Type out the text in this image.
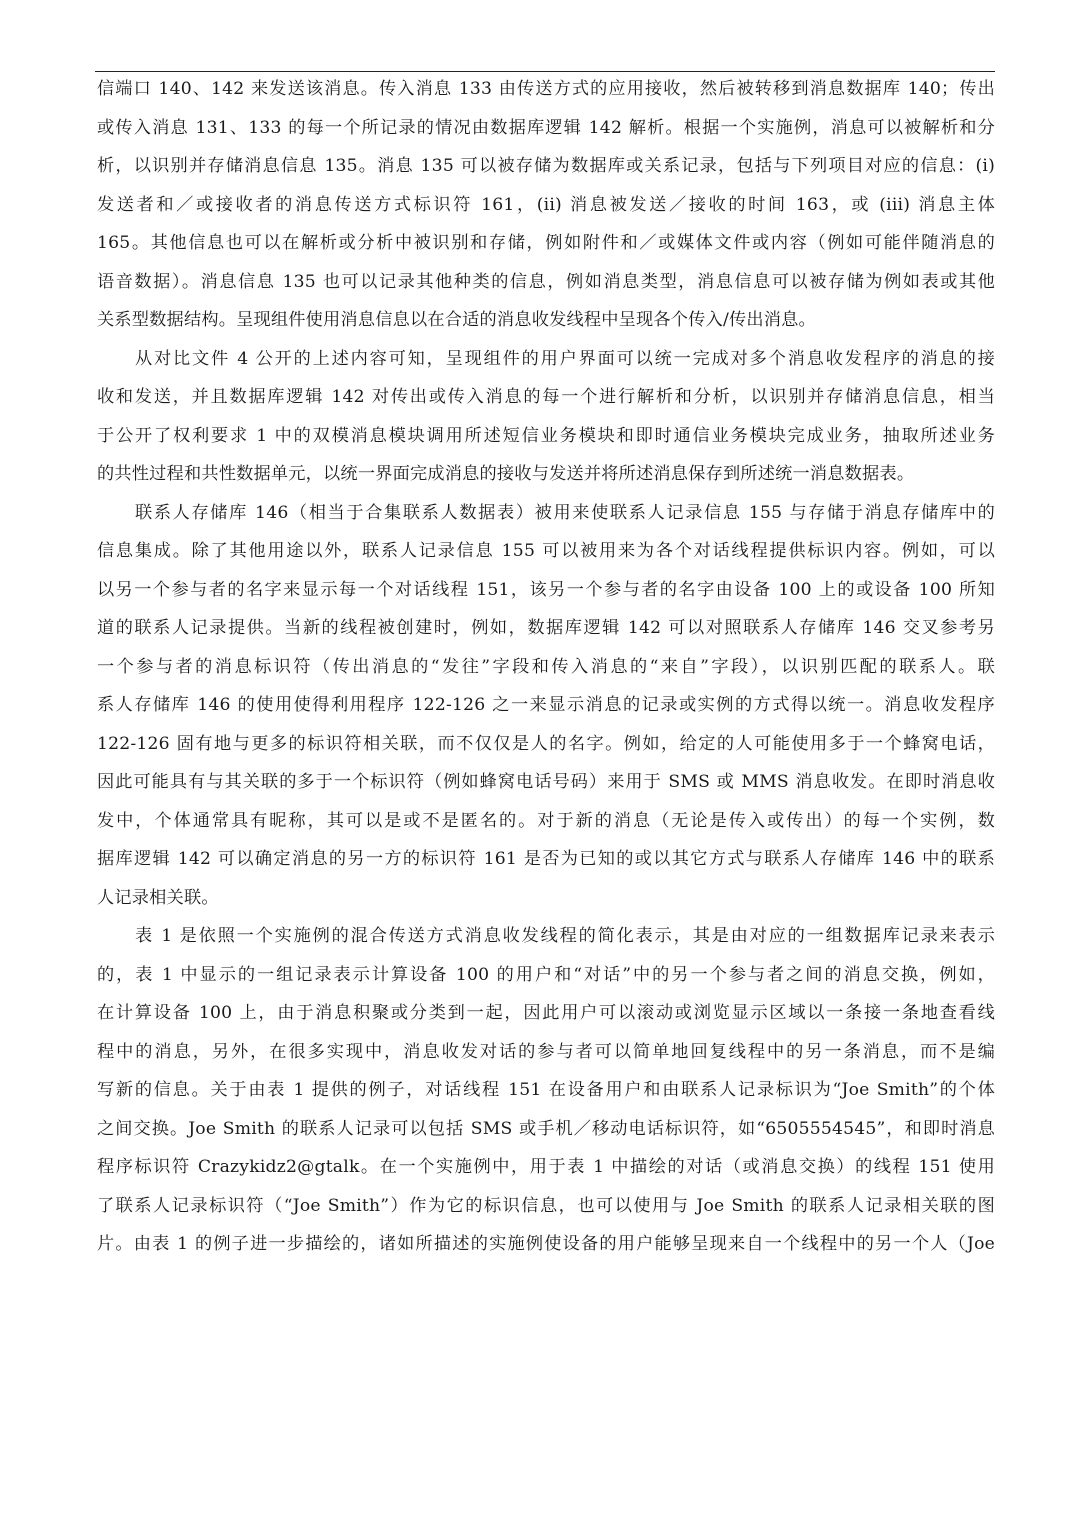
信端口 140、142 来发送该消息。传入消息 133 由传送方式的应用接收，然后被转移到消息数据库 140；传出
或传入消息 131、133 的每一个所记录的情况由数据库逻辑 142 解析。根据一个实施例，消息可以被解析和分
析，以识别并存储消息信息 135。消息 135 可以被存储为数据库或关系记录，包括与下列项目对应的信息：(i)
发送者和／或接收者的消息传送方式标识符 161，(ii) 消息被发送／接收的时间 163，或 (iii) 消息主体
165。其他信息也可以在解析或分析中被识别和存储，例如附件和／或媒体文件或内容（例如可能伴随消息的
语音数据）。消息信息 135 也可以记录其他种类的信息，例如消息类型，消息信息可以被存储为例如表或其他
关系型数据结构。呈现组件使用消息信息以在合适的消息收发线程中呈现各个传入/传出消息。
从对比文件 4 公开的上述内容可知，呈现组件的用户界面可以统一完成对多个消息收发程序的消息的接
收和发送，并且数据库逻辑 142 对传出或传入消息的每一个进行解析和分析，以识别并存储消息信息，相当
于公开了权利要求 1 中的双模消息模块调用所述短信业务模块和即时通信业务模块完成业务，抽取所述业务
的共性过程和共性数据单元，以统一界面完成消息的接收与发送并将所述消息保存到所述统一消息数据表。
联系人存储库 146（相当于合集联系人数据表）被用来使联系人记录信息 155 与存储于消息存储库中的
信息集成。除了其他用途以外，联系人记录信息 155 可以被用来为各个对话线程提供标识内容。例如，可以
以另一个参与者的名字来显示每一个对话线程 151，该另一个参与者的名字由设备 100 上的或设备 100 所知
道的联系人记录提供。当新的线程被创建时，例如，数据库逻辑 142 可以对照联系人存储库 146 交叉参考另
一个参与者的消息标识符（传出消息的“发往”字段和传入消息的“来自”字段），以识别匹配的联系人。联
系人存储库 146 的使用使得利用程序 122-126 之一来显示消息的记录或实例的方式得以统一。消息收发程序
122-126 固有地与更多的标识符相关联，而不仅仅是人的名字。例如，给定的人可能使用多于一个蜂窝电话，
因此可能具有与其关联的多于一个标识符（例如蜂窝电话号码）来用于 SMS 或 MMS 消息收发。在即时消息收
发中，个体通常具有昵称，其可以是或不是匿名的。对于新的消息（无论是传入或传出）的每一个实例，数
据库逻辑 142 可以确定消息的另一方的标识符 161 是否为已知的或以其它方式与联系人存储库 146 中的联系
人记录相关联。
表 1 是依照一个实施例的混合传送方式消息收发线程的简化表示，其是由对应的一组数据库记录来表示
的，表 1 中显示的一组记录表示计算设备 100 的用户和“对话”中的另一个参与者之间的消息交换，例如，
在计算设备 100 上，由于消息积聚或分类到一起，因此用户可以滚动或浏览显示区域以一条接一条地查看线
程中的消息，另外，在很多实现中，消息收发对话的参与者可以简单地回复线程中的另一条消息，而不是编
写新的信息。关于由表 1 提供的例子，对话线程 151 在设备用户和由联系人记录标识为“Joe Smith”的个体
之间交换。Joe Smith 的联系人记录可以包括 SMS 或手机／移动电话标识符，如“6505554545”，和即时消息
程序标识符 Crazykidz2@gtalk。在一个实施例中，用于表 1 中描绘的对话（或消息交换）的线程 151 使用
了联系人记录标识符（“Joe Smith”）作为它的标识信息，也可以使用与 Joe Smith 的联系人记录相关联的图
片。由表 1 的例子进一步描绘的，诸如所描述的实施例使设备的用户能够呈现来自一个线程中的另一个人（Joe
